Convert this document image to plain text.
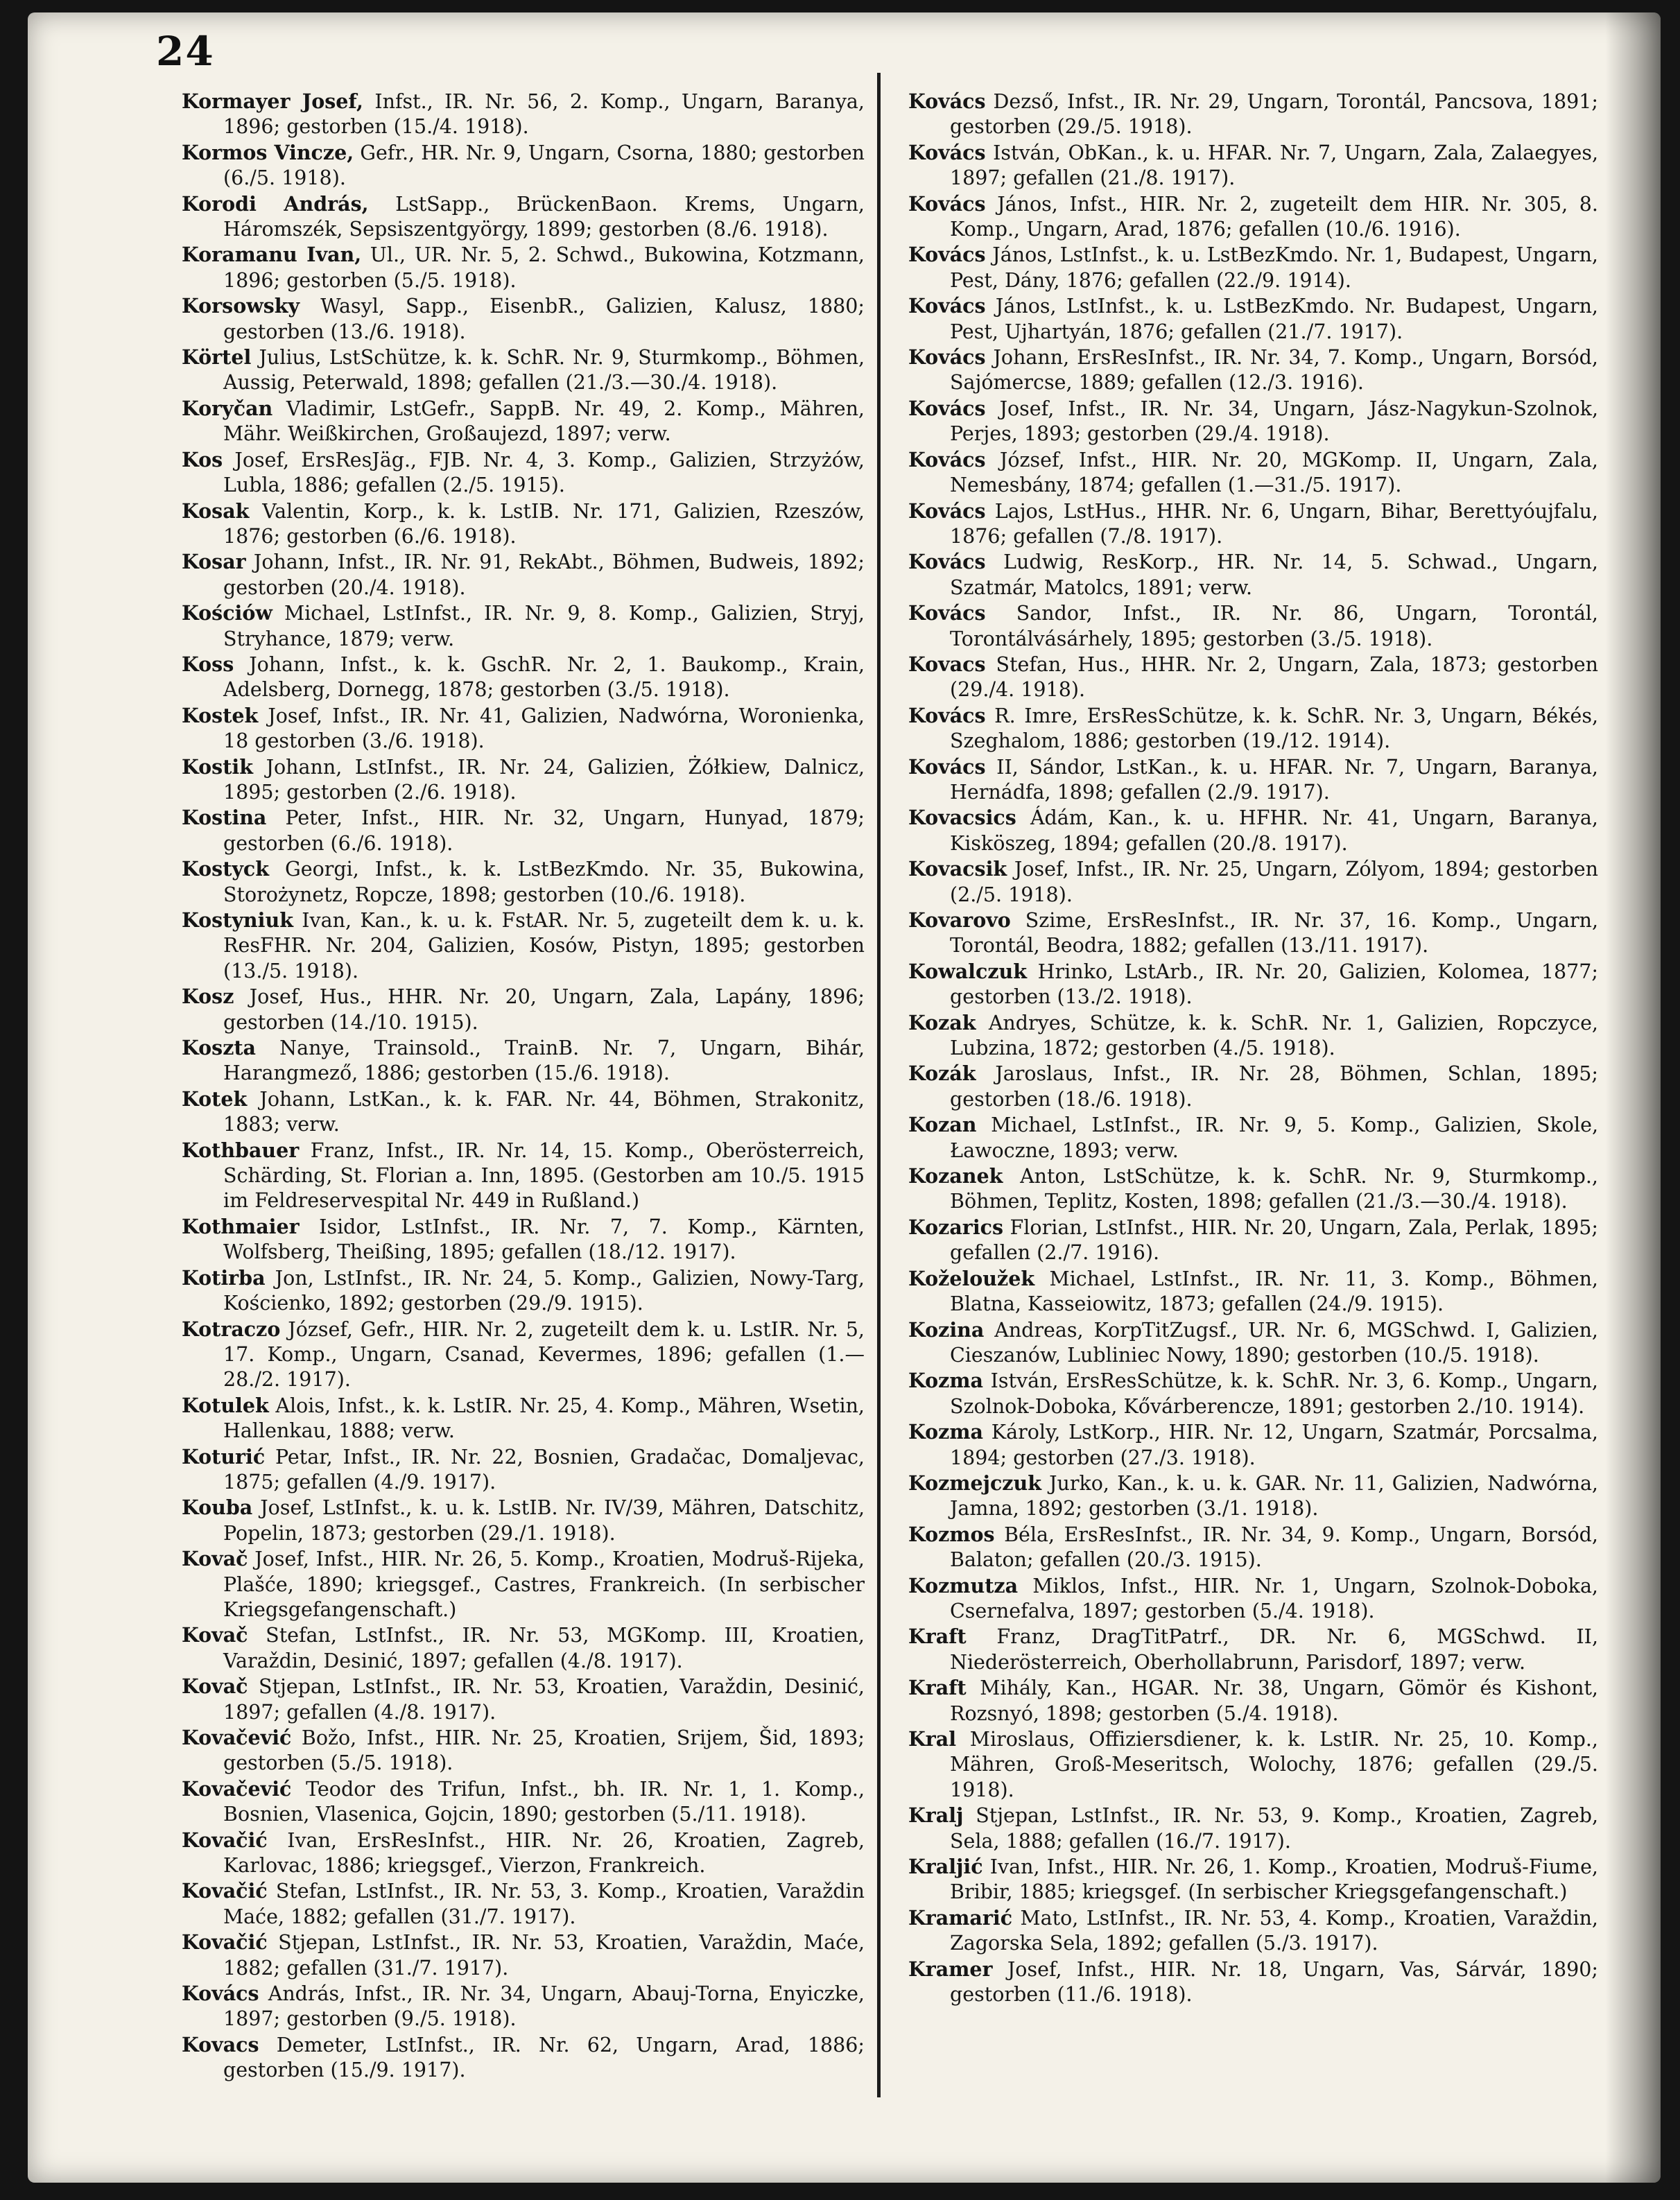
24

Kormayer Josef, Infst., IR. Nr. 56, 2. Komp., Ungarn, Baranya, 1896; gestorben (15./4. 1918).

Kormos Vincze, Gefr., HR. Nr. 9, Ungarn, Csorna, 1880; gestorben (6./5. 1918).

Korodi András, LstSapp., BrückenBaon. Krems, Ungarn, Háromszék, Sepsiszentgyörgy, 1899; gestorben (8./6. 1918).

Koramanu Ivan, Ul., UR. Nr. 5, 2. Schwd., Bukowina, Kotzmann, 1896; gestorben (5./5. 1918).

Korsowsky Wasyl, Sapp., EisenbR., Galizien, Kalusz, 1880; gestorben (13./6. 1918).

Körtel Julius, LstSchütze, k. k. SchR. Nr. 9, Sturmkomp., Böhmen, Aussig, Peterwald, 1898; gefallen (21./3.—30./4. 1918).

Koryčan Vladimir, LstGefr., SappB. Nr. 49, 2. Komp., Mähren, Mähr. Weißkirchen, Großaujezd, 1897; verw.

Kos Josef, ErsResJäg., FJB. Nr. 4, 3. Komp., Galizien, Strzyżów, Lubla, 1886; gefallen (2./5. 1915).

Kosak Valentin, Korp., k. k. LstIB. Nr. 171, Galizien, Rzeszów, 1876; gestorben (6./6. 1918).

Kosar Johann, Infst., IR. Nr. 91, RekAbt., Böhmen, Budweis, 1892; gestorben (20./4. 1918).

Kościów Michael, LstInfst., IR. Nr. 9, 8. Komp., Galizien, Stryj, Stryhance, 1879; verw.

Koss Johann, Infst., k. k. GschR. Nr. 2, 1. Baukomp., Krain, Adelsberg, Dornegg, 1878; gestorben (3./5. 1918).

Kostek Josef, Infst., IR. Nr. 41, Galizien, Nadwórna, Woronienka, 18 gestorben (3./6. 1918).

Kostik Johann, LstInfst., IR. Nr. 24, Galizien, Żółkiew, Dalnicz, 1895; gestorben (2./6. 1918).

Kostina Peter, Infst., HIR. Nr. 32, Ungarn, Hunyad, 1879; gestorben (6./6. 1918).

Kostyck Georgi, Infst., k. k. LstBezKmdo. Nr. 35, Bukowina, Storożynetz, Ropcze, 1898; gestorben (10./6. 1918).

Kostyniuk Ivan, Kan., k. u. k. FstAR. Nr. 5, zugeteilt dem k. u. k. ResFHR. Nr. 204, Galizien, Kosów, Pistyn, 1895; gestorben (13./5. 1918).

Kosz Josef, Hus., HHR. Nr. 20, Ungarn, Zala, Lapány, 1896; gestorben (14./10. 1915).

Koszta Nanye, Trainsold., TrainB. Nr. 7, Ungarn, Bihár, Harangmező, 1886; gestorben (15./6. 1918).

Kotek Johann, LstKan., k. k. FAR. Nr. 44, Böhmen, Strakonitz, 1883; verw.

Kothbauer Franz, Infst., IR. Nr. 14, 15. Komp., Oberösterreich, Schärding, St. Florian a. Inn, 1895. (Gestorben am 10./5. 1915 im Feldreservespital Nr. 449 in Rußland.)

Kothmaier Isidor, LstInfst., IR. Nr. 7, 7. Komp., Kärnten, Wolfsberg, Theißing, 1895; gefallen (18./12. 1917).

Kotirba Jon, LstInfst., IR. Nr. 24, 5. Komp., Galizien, Nowy-Targ, Kościenko, 1892; gestorben (29./9. 1915).

Kotraczo József, Gefr., HIR. Nr. 2, zugeteilt dem k. u. LstIR. Nr. 5, 17. Komp., Ungarn, Csanad, Kevermes, 1896; gefallen (1.—28./2. 1917).

Kotulek Alois, Infst., k. k. LstIR. Nr. 25, 4. Komp., Mähren, Wsetin, Hallenkau, 1888; verw.

Koturić Petar, Infst., IR. Nr. 22, Bosnien, Gradačac, Domaljevac, 1875; gefallen (4./9. 1917).

Kouba Josef, LstInfst., k. u. k. LstIB. Nr. IV/39, Mähren, Datschitz, Popelin, 1873; gestorben (29./1. 1918).

Kovač Josef, Infst., HIR. Nr. 26, 5. Komp., Kroatien, Modruš-Rijeka, Plašće, 1890; kriegsgef., Castres, Frankreich. (In serbischer Kriegsgefangenschaft.)

Kovač Stefan, LstInfst., IR. Nr. 53, MGKomp. III, Kroatien, Varaždin, Desinić, 1897; gefallen (4./8. 1917).

Kovač Stjepan, LstInfst., IR. Nr. 53, Kroatien, Varaždin, Desinić, 1897; gefallen (4./8. 1917).

Kovačević Božo, Infst., HIR. Nr. 25, Kroatien, Srijem, Šid, 1893; gestorben (5./5. 1918).

Kovačević Teodor des Trifun, Infst., bh. IR. Nr. 1, 1. Komp., Bosnien, Vlasenica, Gojcin, 1890; gestorben (5./11. 1918).

Kovačić Ivan, ErsResInfst., HIR. Nr. 26, Kroatien, Zagreb, Karlovac, 1886; kriegsgef., Vierzon, Frankreich.

Kovačić Stefan, LstInfst., IR. Nr. 53, 3. Komp., Kroatien, Varaždin Maće, 1882; gefallen (31./7. 1917).

Kovačić Stjepan, LstInfst., IR. Nr. 53, Kroatien, Varaždin, Maće, 1882; gefallen (31./7. 1917).

Kovács András, Infst., IR. Nr. 34, Ungarn, Abauj-Torna, Enyiczke, 1897; gestorben (9./5. 1918).

Kovacs Demeter, LstInfst., IR. Nr. 62, Ungarn, Arad, 1886; gestorben (15./9. 1917).

Kovács Dezső, Infst., IR. Nr. 29, Ungarn, Torontál, Pancsova, 1891; gestorben (29./5. 1918).

Kovács István, ObKan., k. u. HFAR. Nr. 7, Ungarn, Zala, Zalaegyes, 1897; gefallen (21./8. 1917).

Kovács János, Infst., HIR. Nr. 2, zugeteilt dem HIR. Nr. 305, 8. Komp., Ungarn, Arad, 1876; gefallen (10./6. 1916).

Kovács János, LstInfst., k. u. LstBezKmdo. Nr. 1, Budapest, Ungarn, Pest, Dány, 1876; gefallen (22./9. 1914).

Kovács János, LstInfst., k. u. LstBezKmdo. Nr. Budapest, Ungarn, Pest, Ujhartyán, 1876; gefallen (21./7. 1917).

Kovács Johann, ErsResInfst., IR. Nr. 34, 7. Komp., Ungarn, Borsód, Sajómercse, 1889; gefallen (12./3. 1916).

Kovács Josef, Infst., IR. Nr. 34, Ungarn, Jász-Nagykun-Szolnok, Perjes, 1893; gestorben (29./4. 1918).

Kovács József, Infst., HIR. Nr. 20, MGKomp. II, Ungarn, Zala, Nemesbány, 1874; gefallen (1.—31./5. 1917).

Kovács Lajos, LstHus., HHR. Nr. 6, Ungarn, Bihar, Berettyóujfalu, 1876; gefallen (7./8. 1917).

Kovács Ludwig, ResKorp., HR. Nr. 14, 5. Schwad., Ungarn, Szatmár, Matolcs, 1891; verw.

Kovács Sandor, Infst., IR. Nr. 86, Ungarn, Torontál, Torontálvásárhely, 1895; gestorben (3./5. 1918).

Kovacs Stefan, Hus., HHR. Nr. 2, Ungarn, Zala, 1873; gestorben (29./4. 1918).

Kovács R. Imre, ErsResSchütze, k. k. SchR. Nr. 3, Ungarn, Békés, Szeghalom, 1886; gestorben (19./12. 1914).

Kovács II, Sándor, LstKan., k. u. HFAR. Nr. 7, Ungarn, Baranya, Hernádfa, 1898; gefallen (2./9. 1917).

Kovacsics Ádám, Kan., k. u. HFHR. Nr. 41, Ungarn, Baranya, Kisköszeg, 1894; gefallen (20./8. 1917).

Kovacsik Josef, Infst., IR. Nr. 25, Ungarn, Zólyom, 1894; gestorben (2./5. 1918).

Kovarovo Szime, ErsResInfst., IR. Nr. 37, 16. Komp., Ungarn, Torontál, Beodra, 1882; gefallen (13./11. 1917).

Kowalczuk Hrinko, LstArb., IR. Nr. 20, Galizien, Kolomea, 1877; gestorben (13./2. 1918).

Kozak Andryes, Schütze, k. k. SchR. Nr. 1, Galizien, Ropczyce, Lubzina, 1872; gestorben (4./5. 1918).

Kozák Jaroslaus, Infst., IR. Nr. 28, Böhmen, Schlan, 1895; gestorben (18./6. 1918).

Kozan Michael, LstInfst., IR. Nr. 9, 5. Komp., Galizien, Skole, Ławoczne, 1893; verw.

Kozanek Anton, LstSchütze, k. k. SchR. Nr. 9, Sturmkomp., Böhmen, Teplitz, Kosten, 1898; gefallen (21./3.—30./4. 1918).

Kozarics Florian, LstInfst., HIR. Nr. 20, Ungarn, Zala, Perlak, 1895; gefallen (2./7. 1916).

Koželoužek Michael, LstInfst., IR. Nr. 11, 3. Komp., Böhmen, Blatna, Kasseiowitz, 1873; gefallen (24./9. 1915).

Kozina Andreas, KorpTitZugsf., UR. Nr. 6, MGSchwd. I, Galizien, Cieszanów, Lubliniec Nowy, 1890; gestorben (10./5. 1918).

Kozma István, ErsResSchütze, k. k. SchR. Nr. 3, 6. Komp., Ungarn, Szolnok-Doboka, Kővárberencze, 1891; gestorben 2./10. 1914).

Kozma Károly, LstKorp., HIR. Nr. 12, Ungarn, Szatmár, Porcsalma, 1894; gestorben (27./3. 1918).

Kozmejczuk Jurko, Kan., k. u. k. GAR. Nr. 11, Galizien, Nadwórna, Jamna, 1892; gestorben (3./1. 1918).

Kozmos Béla, ErsResInfst., IR. Nr. 34, 9. Komp., Ungarn, Borsód, Balaton; gefallen (20./3. 1915).

Kozmutza Miklos, Infst., HIR. Nr. 1, Ungarn, Szolnok-Doboka, Csernefalva, 1897; gestorben (5./4. 1918).

Kraft Franz, DragTitPatrf., DR. Nr. 6, MGSchwd. II, Niederösterreich, Oberhollabrunn, Parisdorf, 1897; verw.

Kraft Mihály, Kan., HGAR. Nr. 38, Ungarn, Gömör és Kishont, Rozsnyó, 1898; gestorben (5./4. 1918).

Kral Miroslaus, Offiziersdiener, k. k. LstIR. Nr. 25, 10. Komp., Mähren, Groß-Meseritsch, Wolochy, 1876; gefallen (29./5. 1918).

Kralj Stjepan, LstInfst., IR. Nr. 53, 9. Komp., Kroatien, Zagreb, Sela, 1888; gefallen (16./7. 1917).

Kraljić Ivan, Infst., HIR. Nr. 26, 1. Komp., Kroatien, Modruš-Fiume, Bribir, 1885; kriegsgef. (In serbischer Kriegsgefangenschaft.)

Kramarić Mato, LstInfst., IR. Nr. 53, 4. Komp., Kroatien, Varaždin, Zagorska Sela, 1892; gefallen (5./3. 1917).

Kramer Josef, Infst., HIR. Nr. 18, Ungarn, Vas, Sárvár, 1890; gestorben (11./6. 1918).
